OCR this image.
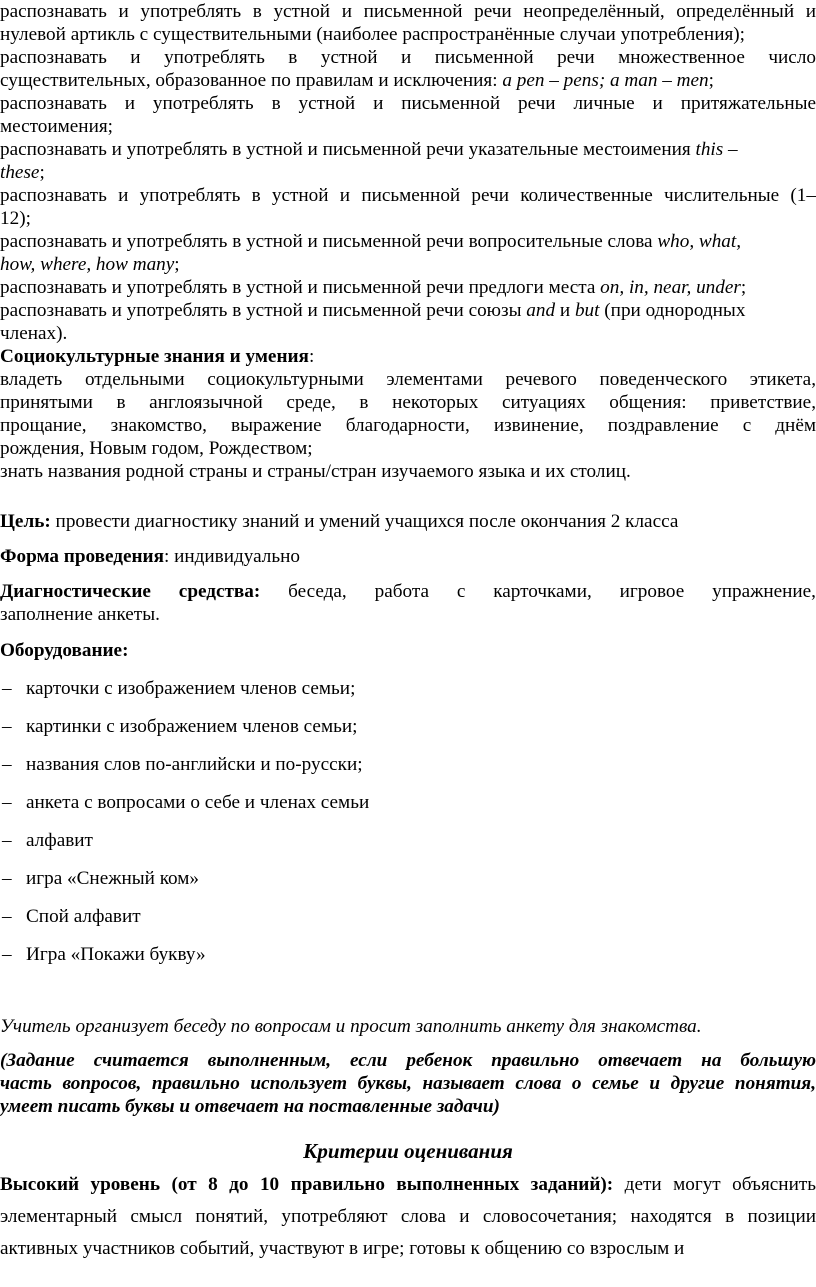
распознавать и употреблять в устной и письменной речи неопределённый, определённый и
нулевой артикль с существительными (наиболее распространённые случаи употребления);
распознавать и употреблять в устной и письменной речи множественное число
существительных, образованное по правилам и исключения: a pen – pens; a man – men;
распознавать и употреблять в устной и письменной речи личные и притяжательные
местоимения;
распознавать и употреблять в устной и письменной речи указательные местоимения this –
these;
распознавать и употреблять в устной и письменной речи количественные числительные (1–
12);
распознавать и употреблять в устной и письменной речи вопросительные слова who, what,
how, where, how many;
распознавать и употреблять в устной и письменной речи предлоги места on, in, near, under;
распознавать и употреблять в устной и письменной речи союзы and и but (при однородных
членах).
Социокультурные знания и умения:
владеть отдельными социокультурными элементами речевого поведенческого этикета,
принятыми в англоязычной среде, в некоторых ситуациях общения: приветствие,
прощание, знакомство, выражение благодарности, извинение, поздравление с днём
рождения, Новым годом, Рождеством;
знать названия родной страны и страны/стран изучаемого языка и их столиц.
Цель: провести диагностику знаний и умений учащихся после окончания 2 класса
Форма проведения: индивидуально
Диагностические средства: беседа, работа с карточками, игровое упражнение,
заполнение анкеты.
Оборудование:
– карточки с изображением членов семьи;
– картинки с изображением членов семьи;
– названия слов по-английски и по-русски;
– анкета с вопросами о себе и членах семьи
– алфавит
– игра «Снежный ком»
– Спой алфавит
– Игра «Покажи букву»
Учитель организует беседу по вопросам и просит заполнить анкету для знакомства.
(Задание считается выполненным, если ребенок правильно отвечает на большую
часть вопросов, правильно использует буквы, называет слова о семье и другие понятия,
умеет писать буквы и отвечает на поставленные задачи)
Критерии оценивания
Высокий уровень (от 8 до 10 правильно выполненных заданий): дети могут объяснить
элементарный смысл понятий, употребляют слова и словосочетания; находятся в позиции
активных участников событий, участвуют в игре; готовы к общению со взрослым и
